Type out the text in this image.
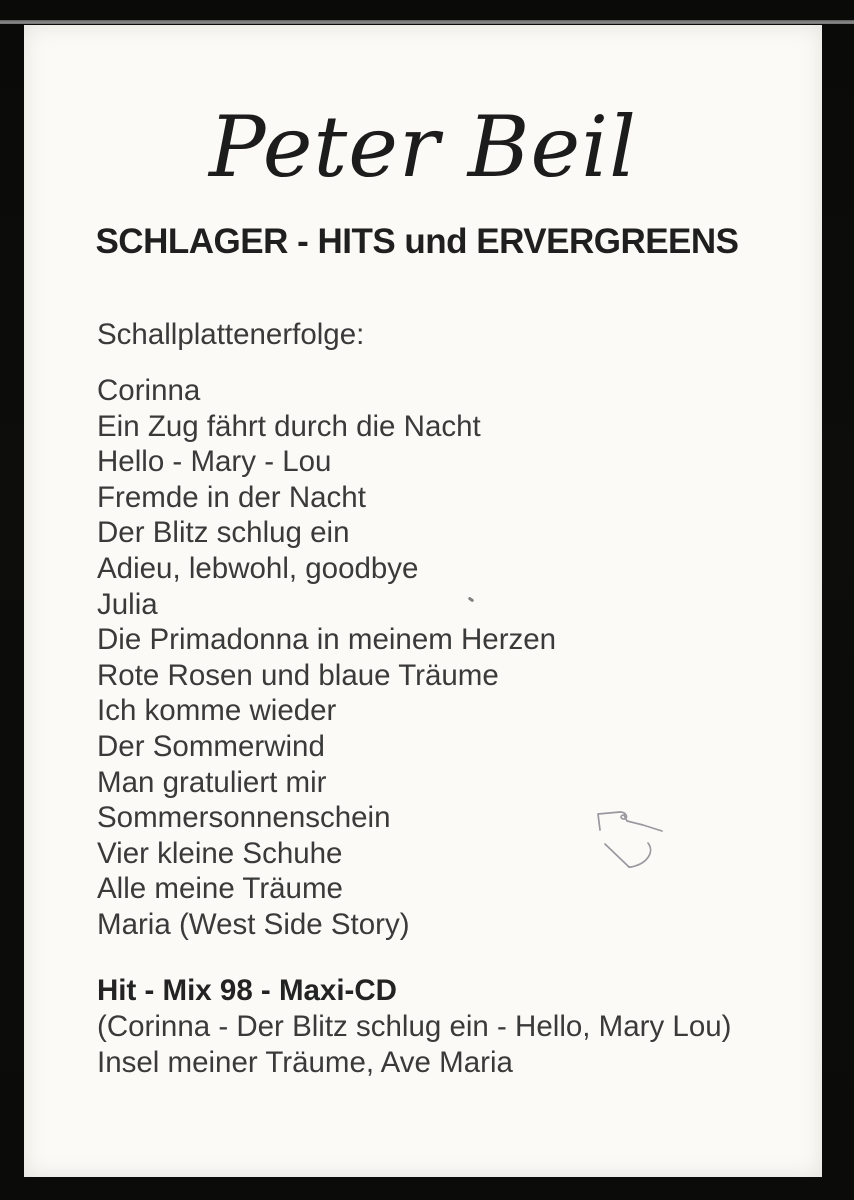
Peter Beil
SCHLAGER - HITS und ERVERGREENS
Schallplattenerfolge:
Corinna
Ein Zug fährt durch die Nacht
Hello - Mary - Lou
Fremde in der Nacht
Der Blitz schlug ein
Adieu, lebwohl, goodbye
Julia
Die Primadonna in meinem Herzen
Rote Rosen und blaue Träume
Ich komme wieder
Der Sommerwind
Man gratuliert mir
Sommersonnenschein
Vier kleine Schuhe
Alle meine Träume
Maria (West Side Story)
Hit - Mix 98 - Maxi-CD
(Corinna - Der Blitz schlug ein - Hello, Mary Lou)
Insel meiner Träume, Ave Maria
